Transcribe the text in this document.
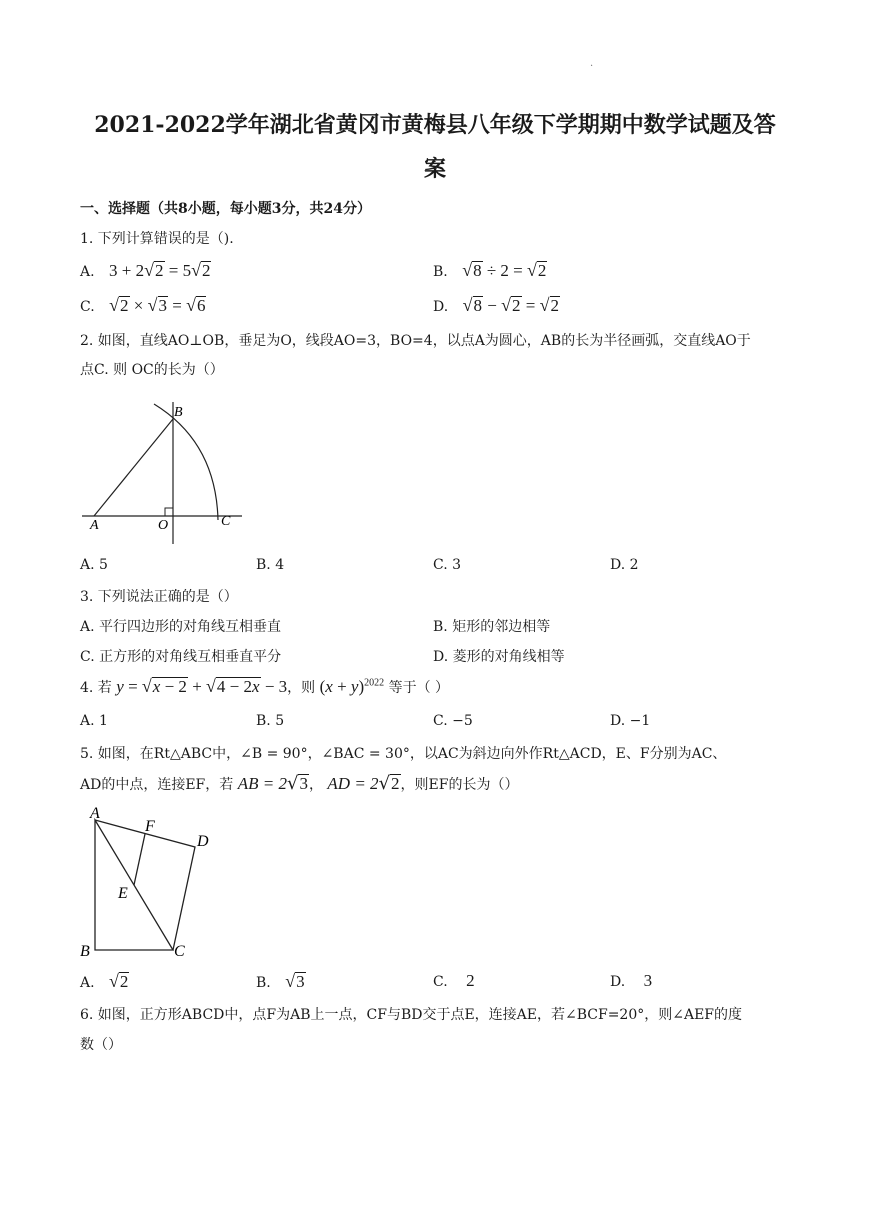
.
2021-2022学年湖北省黄冈市黄梅县八年级下学期期中数学试题及答
案
一、选择题（共8小题，每小题3分，共24分）
1. 下列计算错误的是（).
A. 3 + 2√2 = 5√2	B. √8 ÷ 2 = √2
C. √2 × √3 = √6	D. √8 − √2 = √2
2. 如图，直线AO⊥OB，垂足为O，线段AO=3，BO=4，以点A为圆心，AB的长为半径画弧，交直线AO于
点C. 则 OC的长为（）
A	O
B
C
A. 5	B. 4	C. 3	D. 2
3. 下列说法正确的是（）
A. 平行四边形的对角线互相垂直	B. 矩形的邻边相等
C. 正方形的对角线互相垂直平分	D. 菱形的对角线相等
4. 若 y = √x − 2 + √4 − 2x − 3，则 $(x + y)^{2022}$ 等于（ ）
A. 1	B. 5	C. −5	D. −1
5. 如图，在Rt△ABC中，∠B = 90°，∠BAC = 30°，以AC为斜边向外作Rt△ACD，E、F分别为AC、
AD的中点，连接EF，若 AB = 2√3， AD = 2√2，则EF的长为（）
A
F
D
E
B	C
A. √2	B. √3	C. 2	D. 3
6. 如图，正方形ABCD中，点F为AB上一点，CF与BD交于点E，连接AE，若∠BCF=20°，则∠AEF的度
数（）
